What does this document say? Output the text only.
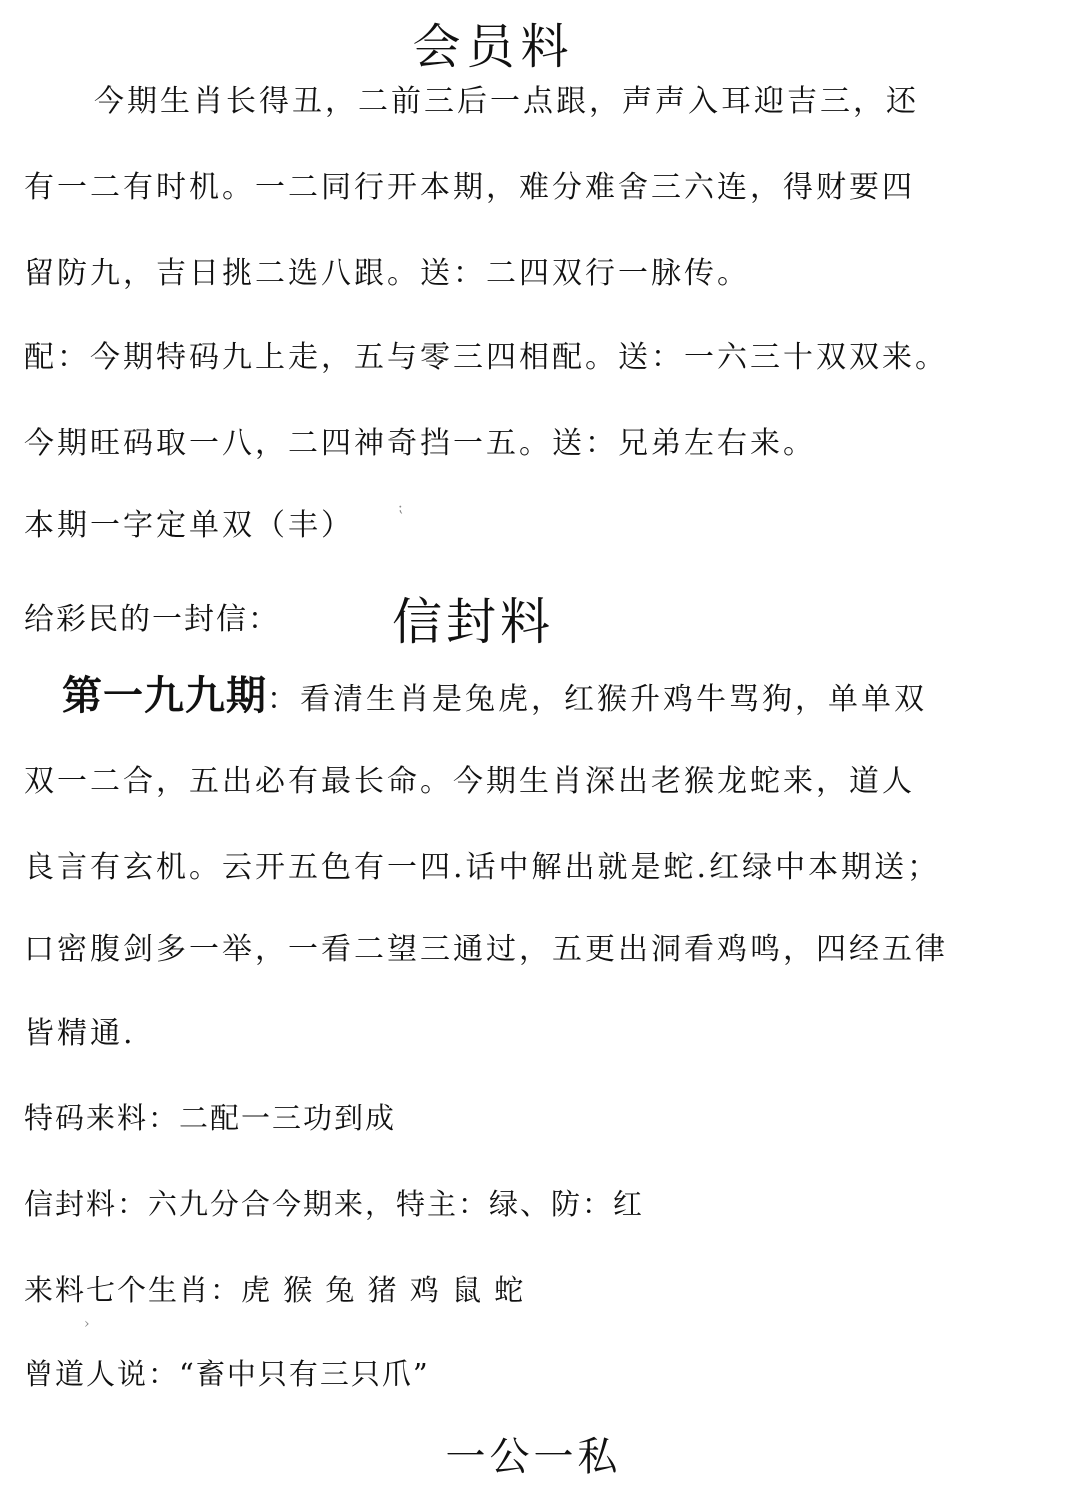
会员料
今期生肖长得丑，二前三后一点跟，声声入耳迎吉三，还
有一二有时机。一二同行开本期，难分难舍三六连，得财要四
留防九，吉日挑二选八跟。送：二四双行一脉传。
配：今期特码九上走，五与零三四相配。送：一六三十双双来。
今期旺码取一八，二四神奇挡一五。送：兄弟左右来。
本期一字定单双（丰）	⁏
给彩民的一封信： 信封料
第一九九期：看清生肖是兔虎，红猴升鸡牛骂狗，单单双
双一二合，五出必有最长命。今期生肖深出老猴龙蛇来，道人
良言有玄机。云开五色有一四.话中解出就是蛇.红绿中本期送；
口密腹剑多一举，一看二望三通过，五更出洞看鸡鸣，四经五律
皆精通.
特码来料：二配一三功到成
信封料：六九分合今期来，特主：绿、防：红
来料七个生肖：虎 猴 兔 猪 鸡 鼠 蛇
›
曾道人说：“畜中只有三只爪”
一公一私
